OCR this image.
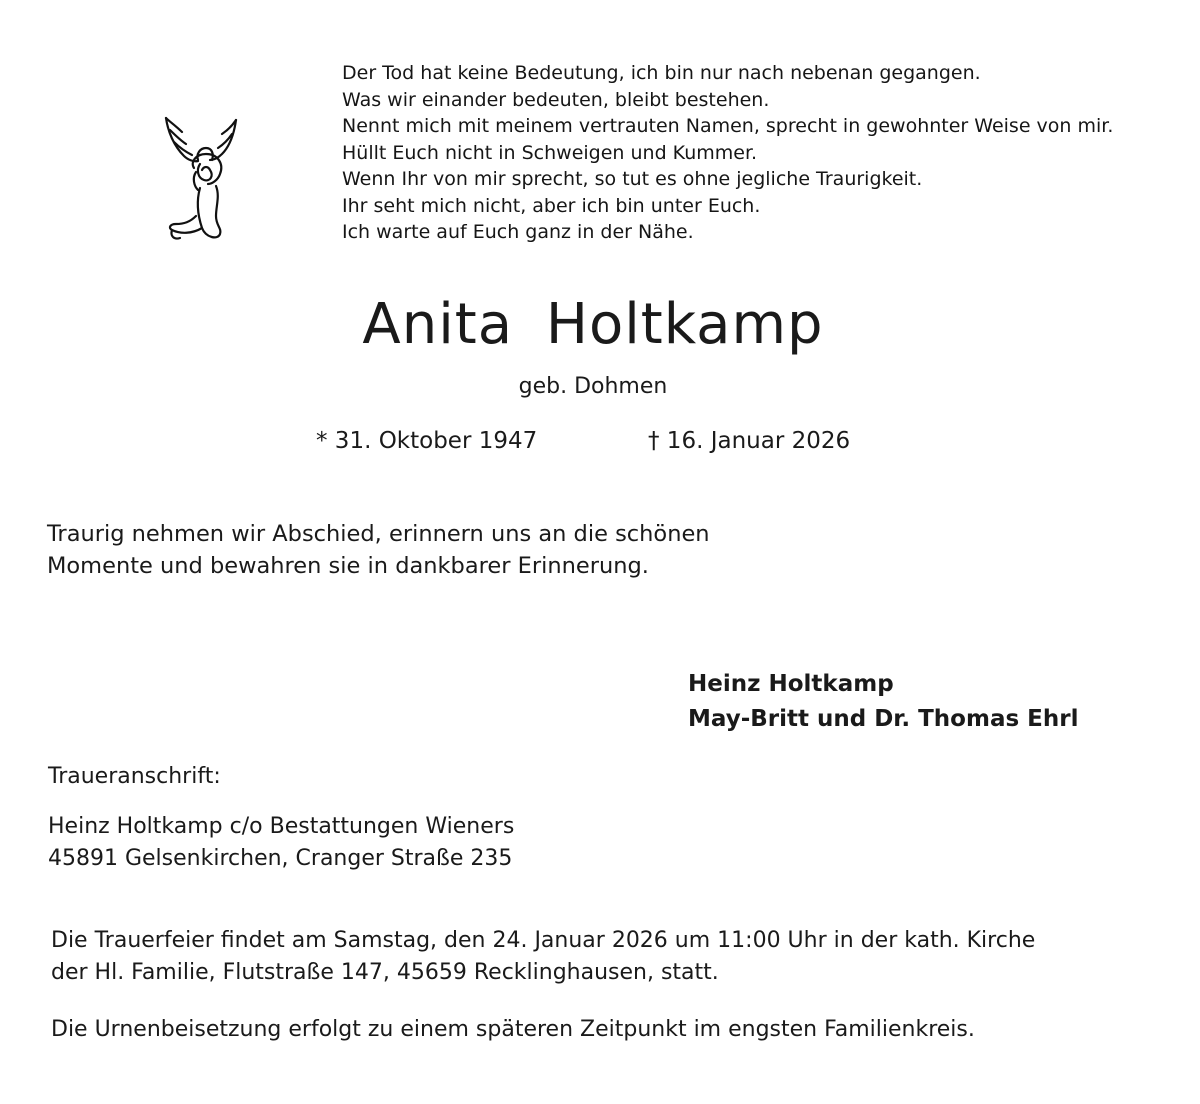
Der Tod hat keine Bedeutung, ich bin nur nach nebenan gegangen.
Was wir einander bedeuten, bleibt bestehen.
Nennt mich mit meinem vertrauten Namen, sprecht in gewohnter Weise von mir.
Hüllt Euch nicht in Schweigen und Kummer.
Wenn Ihr von mir sprecht, so tut es ohne jegliche Traurigkeit.
Ihr seht mich nicht, aber ich bin unter Euch.
Ich warte auf Euch ganz in der Nähe.
Anita Holtkamp
geb. Dohmen
* 31. Oktober 1947	† 16. Januar 2026
Traurig nehmen wir Abschied, erinnern uns an die schönen
Momente und bewahren sie in dankbarer Erinnerung.
Heinz Holtkamp
May-Britt und Dr. Thomas Ehrl
Traueranschrift:
Heinz Holtkamp c/o Bestattungen Wieners
45891 Gelsenkirchen, Cranger Straße 235
Die Trauerfeier findet am Samstag, den 24. Januar 2026 um 11:00 Uhr in der kath. Kirche
der Hl. Familie, Flutstraße 147, 45659 Recklinghausen, statt.
Die Urnenbeisetzung erfolgt zu einem späteren Zeitpunkt im engsten Familienkreis.
